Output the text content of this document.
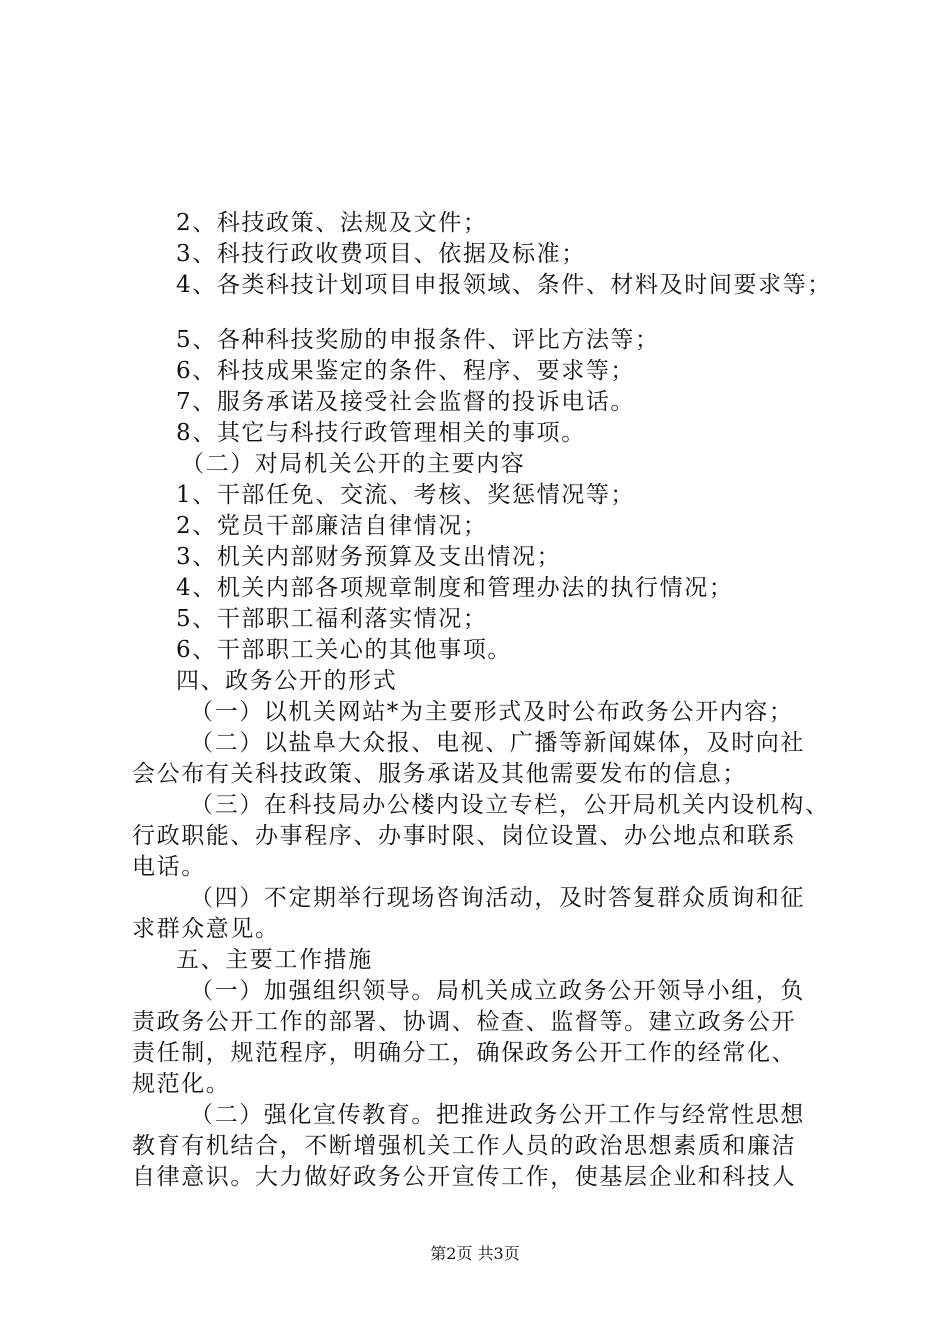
2、科技政策、法规及文件；
3、科技行政收费项目、依据及标准；
4、各类科技计划项目申报领域、条件、材料及时间要求等；
5、各种科技奖励的申报条件、评比方法等；
6、科技成果鉴定的条件、程序、要求等；
7、服务承诺及接受社会监督的投诉电话。
8、其它与科技行政管理相关的事项。
（二）对局机关公开的主要内容
1、干部任免、交流、考核、奖惩情况等；
2、党员干部廉洁自律情况；
3、机关内部财务预算及支出情况；
4、机关内部各项规章制度和管理办法的执行情况；
5、干部职工福利落实情况；
6、干部职工关心的其他事项。
四、政务公开的形式
（一）以机关网站*为主要形式及时公布政务公开内容；
（二）以盐阜大众报、电视、广播等新闻媒体，及时向社
会公布有关科技政策、服务承诺及其他需要发布的信息；
（三）在科技局办公楼内设立专栏，公开局机关内设机构、
行政职能、办事程序、办事时限、岗位设置、办公地点和联系
电话。
（四）不定期举行现场咨询活动，及时答复群众质询和征
求群众意见。
五、主要工作措施
（一）加强组织领导。局机关成立政务公开领导小组，负
责政务公开工作的部署、协调、检查、监督等。建立政务公开
责任制，规范程序，明确分工，确保政务公开工作的经常化、
规范化。
（二）强化宣传教育。把推进政务公开工作与经常性思想
教育有机结合，不断增强机关工作人员的政治思想素质和廉洁
自律意识。大力做好政务公开宣传工作，使基层企业和科技人
第2页 共3页
